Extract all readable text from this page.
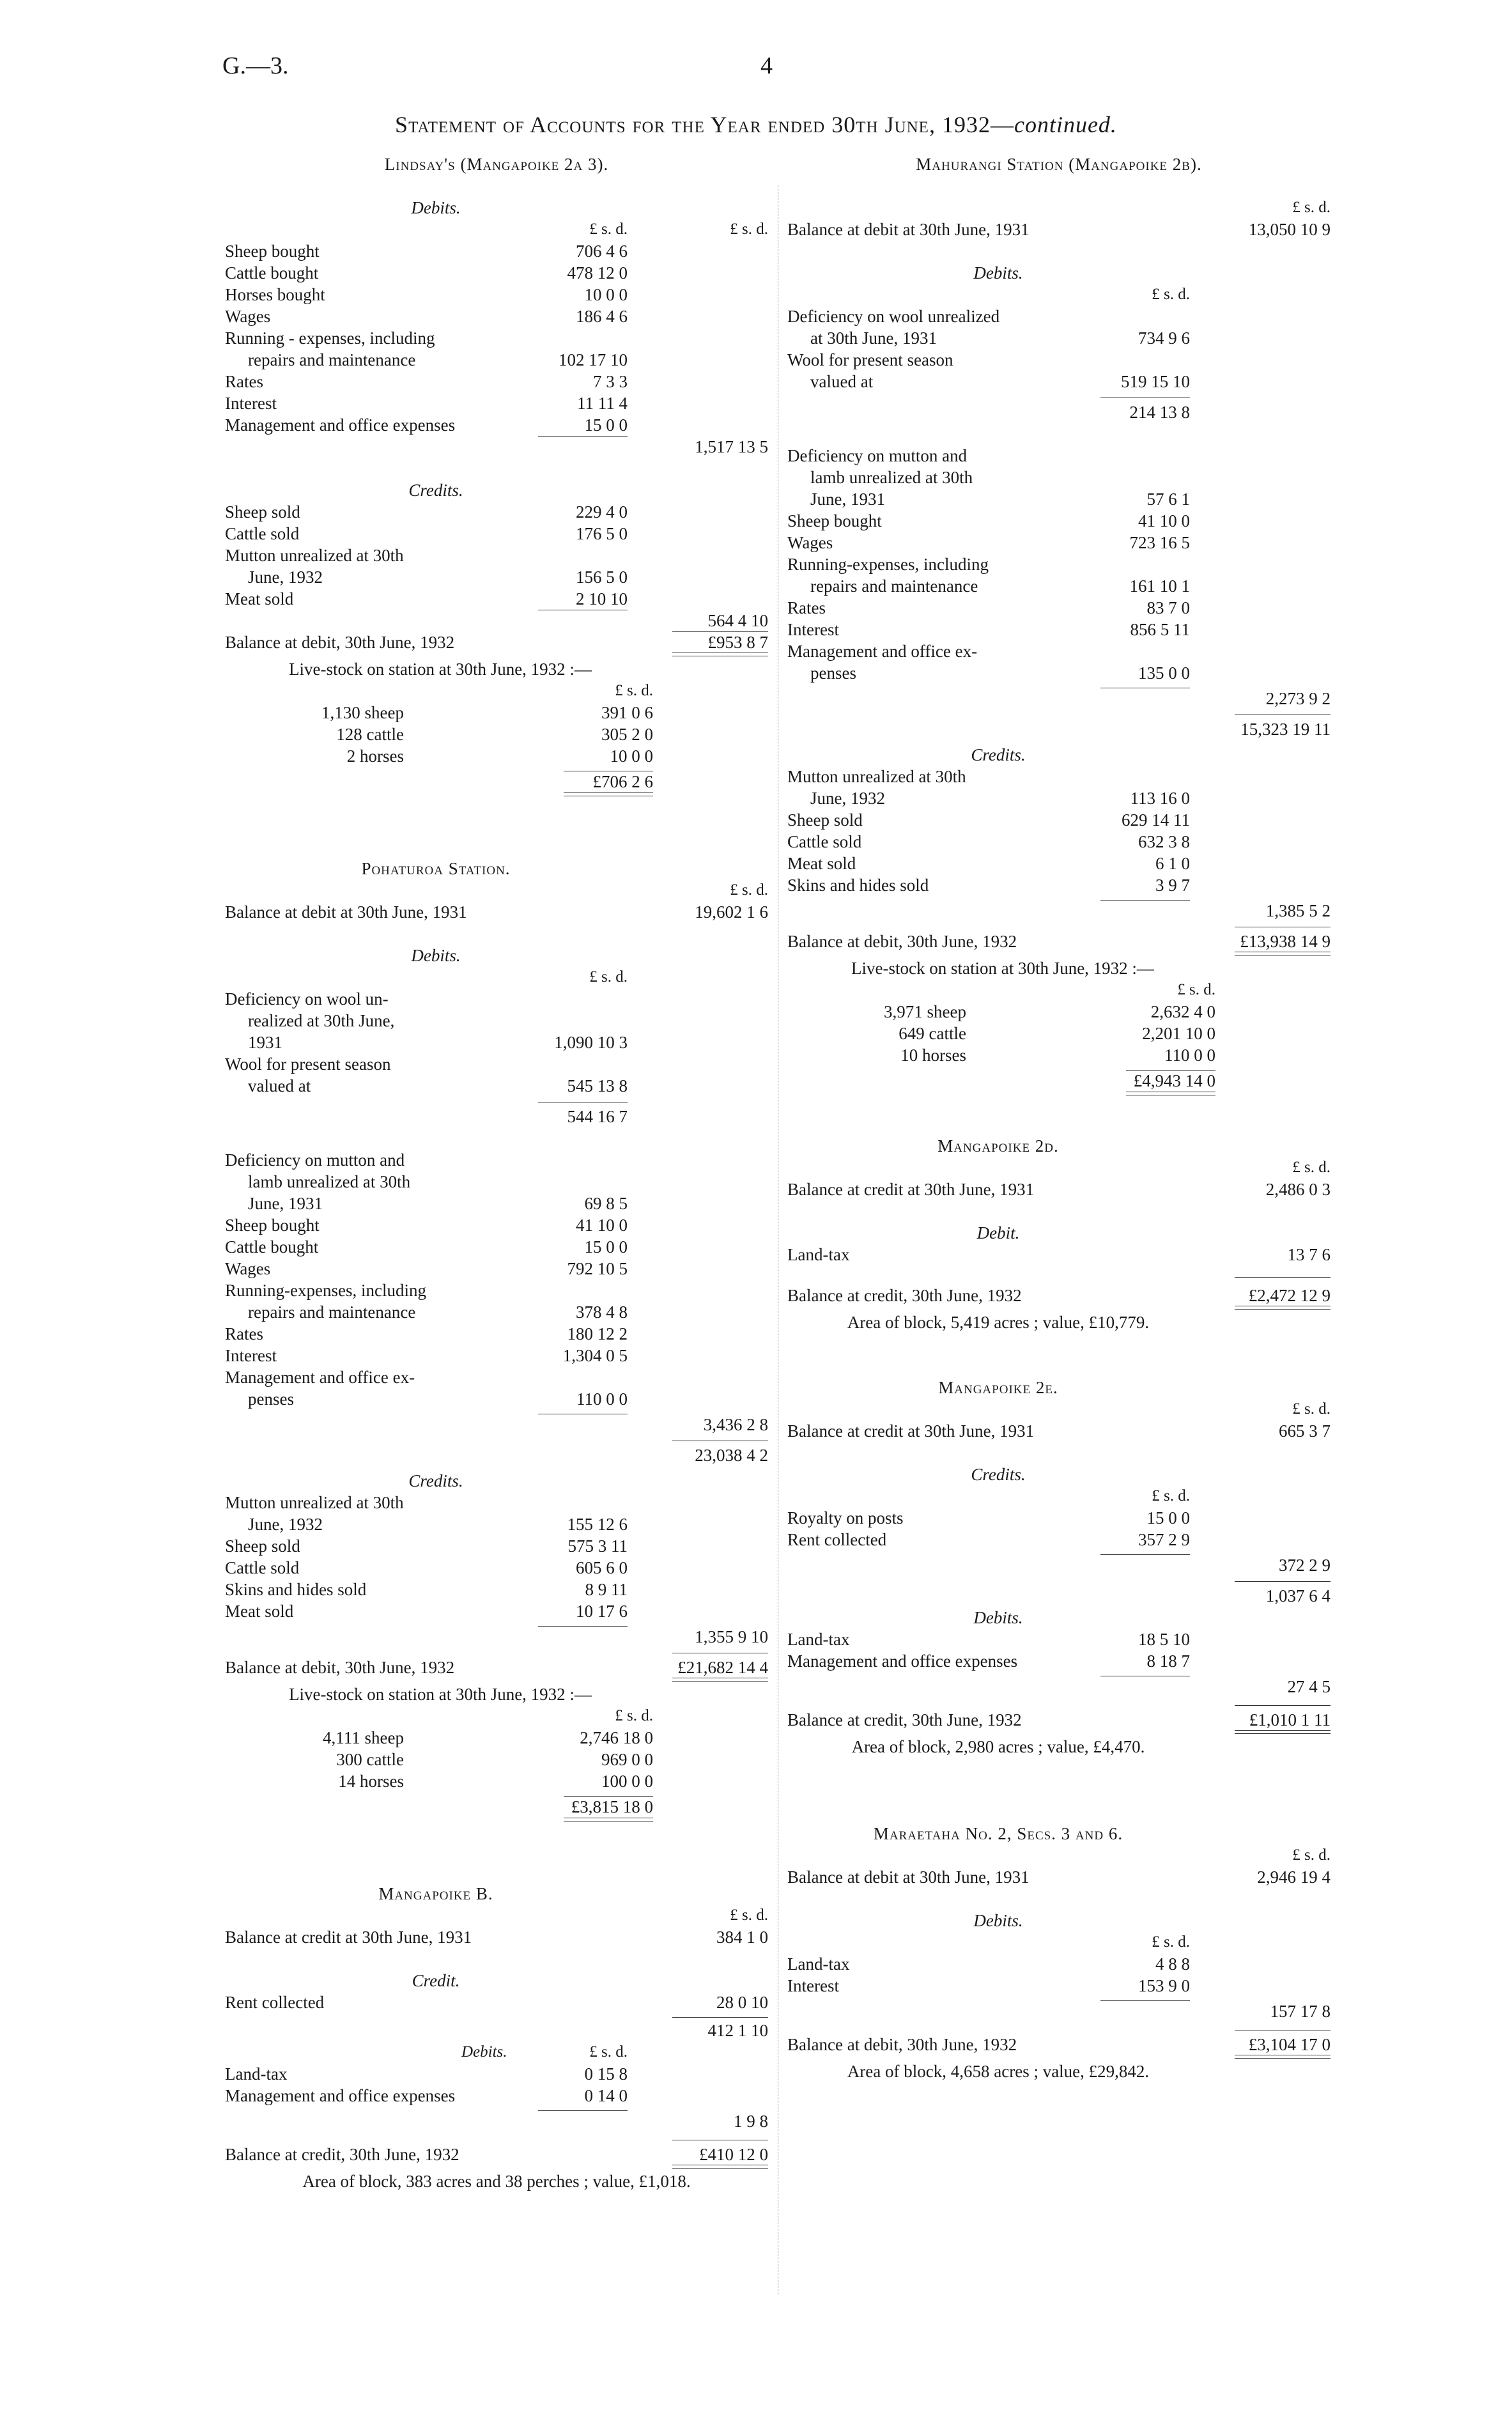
G.—3.	4
Statement of Accounts for the Year ended 30th June, 1932—continued.
Lindsay's (Mangapoike 2a 3).
Debits.
£ s. d.	£ s. d.
Sheep bought	706 4 6
Cattle bought	478 12 0
Horses bought	10 0 0
Wages	186 4 6
Running - expenses, including
repairs and maintenance	102 17 10
Rates	7 3 3
Interest	11 11 4
Management and office expenses	15 0 0
1,517 13 5
Credits.
Sheep sold	229 4 0
Cattle sold	176 5 0
Mutton unrealized at 30th
June, 1932	156 5 0
Meat sold	2 10 10
564 4 10
Balance at debit, 30th June, 1932	£953 8 7
Live-stock on station at 30th June, 1932 :—
£ s. d.
1,130 sheep	391 0 6
128 cattle	305 2 0
2 horses	10 0 0
£706 2 6
Pohaturoa Station.
£ s. d.
Balance at debit at 30th June, 1931	19,602 1 6
Debits.
£ s. d.
Deficiency on wool un-
realized at 30th June,
1931	1,090 10 3
Wool for present season
valued at	545 13 8
544 16 7
Deficiency on mutton and
lamb unrealized at 30th
June, 1931	69 8 5
Sheep bought	41 10 0
Cattle bought	15 0 0
Wages	792 10 5
Running-expenses, including
repairs and maintenance	378 4 8
Rates	180 12 2
Interest	1,304 0 5
Management and office ex-
penses	110 0 0
3,436 2 8
23,038 4 2
Credits.
Mutton unrealized at 30th
June, 1932	155 12 6
Sheep sold	575 3 11
Cattle sold	605 6 0
Skins and hides sold	8 9 11
Meat sold	10 17 6
1,355 9 10
Balance at debit, 30th June, 1932	£21,682 14 4
Live-stock on station at 30th June, 1932 :—
£ s. d.
4,111 sheep	2,746 18 0
300 cattle	969 0 0
14 horses	100 0 0
£3,815 18 0
Mangapoike B.
£ s. d.
Balance at credit at 30th June, 1931	384 1 0
Credit.
Rent collected	28 0 10
412 1 10
Debits.	£ s. d.
Land-tax	0 15 8
Management and office expenses	0 14 0
1 9 8
Balance at credit, 30th June, 1932	£410 12 0
Area of block, 383 acres and 38 perches ; value, £1,018.
Mahurangi Station (Mangapoike 2b).
£ s. d.
Balance at debit at 30th June, 1931	13,050 10 9
Debits.
£ s. d.
Deficiency on wool unrealized
at 30th June, 1931	734 9 6
Wool for present season
valued at	519 15 10
214 13 8
Deficiency on mutton and
lamb unrealized at 30th
June, 1931	57 6 1
Sheep bought	41 10 0
Wages	723 16 5
Running-expenses, including
repairs and maintenance	161 10 1
Rates	83 7 0
Interest	856 5 11
Management and office ex-
penses	135 0 0
2,273 9 2
15,323 19 11
Credits.
Mutton unrealized at 30th
June, 1932	113 16 0
Sheep sold	629 14 11
Cattle sold	632 3 8
Meat sold	6 1 0
Skins and hides sold	3 9 7
1,385 5 2
Balance at debit, 30th June, 1932	£13,938 14 9
Live-stock on station at 30th June, 1932 :—
£ s. d.
3,971 sheep	2,632 4 0
649 cattle	2,201 10 0
10 horses	110 0 0
£4,943 14 0
Mangapoike 2d.
£ s. d.
Balance at credit at 30th June, 1931	2,486 0 3
Debit.
Land-tax	13 7 6
Balance at credit, 30th June, 1932	£2,472 12 9
Area of block, 5,419 acres ; value, £10,779.
Mangapoike 2e.
£ s. d.
Balance at credit at 30th June, 1931	665 3 7
Credits.
£ s. d.
Royalty on posts	15 0 0
Rent collected	357 2 9
372 2 9
1,037 6 4
Debits.
Land-tax	18 5 10
Management and office expenses	8 18 7
27 4 5
Balance at credit, 30th June, 1932	£1,010 1 11
Area of block, 2,980 acres ; value, £4,470.
Maraetaha No. 2, Secs. 3 and 6.
£ s. d.
Balance at debit at 30th June, 1931	2,946 19 4
Debits.
£ s. d.
Land-tax	4 8 8
Interest	153 9 0
157 17 8
Balance at debit, 30th June, 1932	£3,104 17 0
Area of block, 4,658 acres ; value, £29,842.
